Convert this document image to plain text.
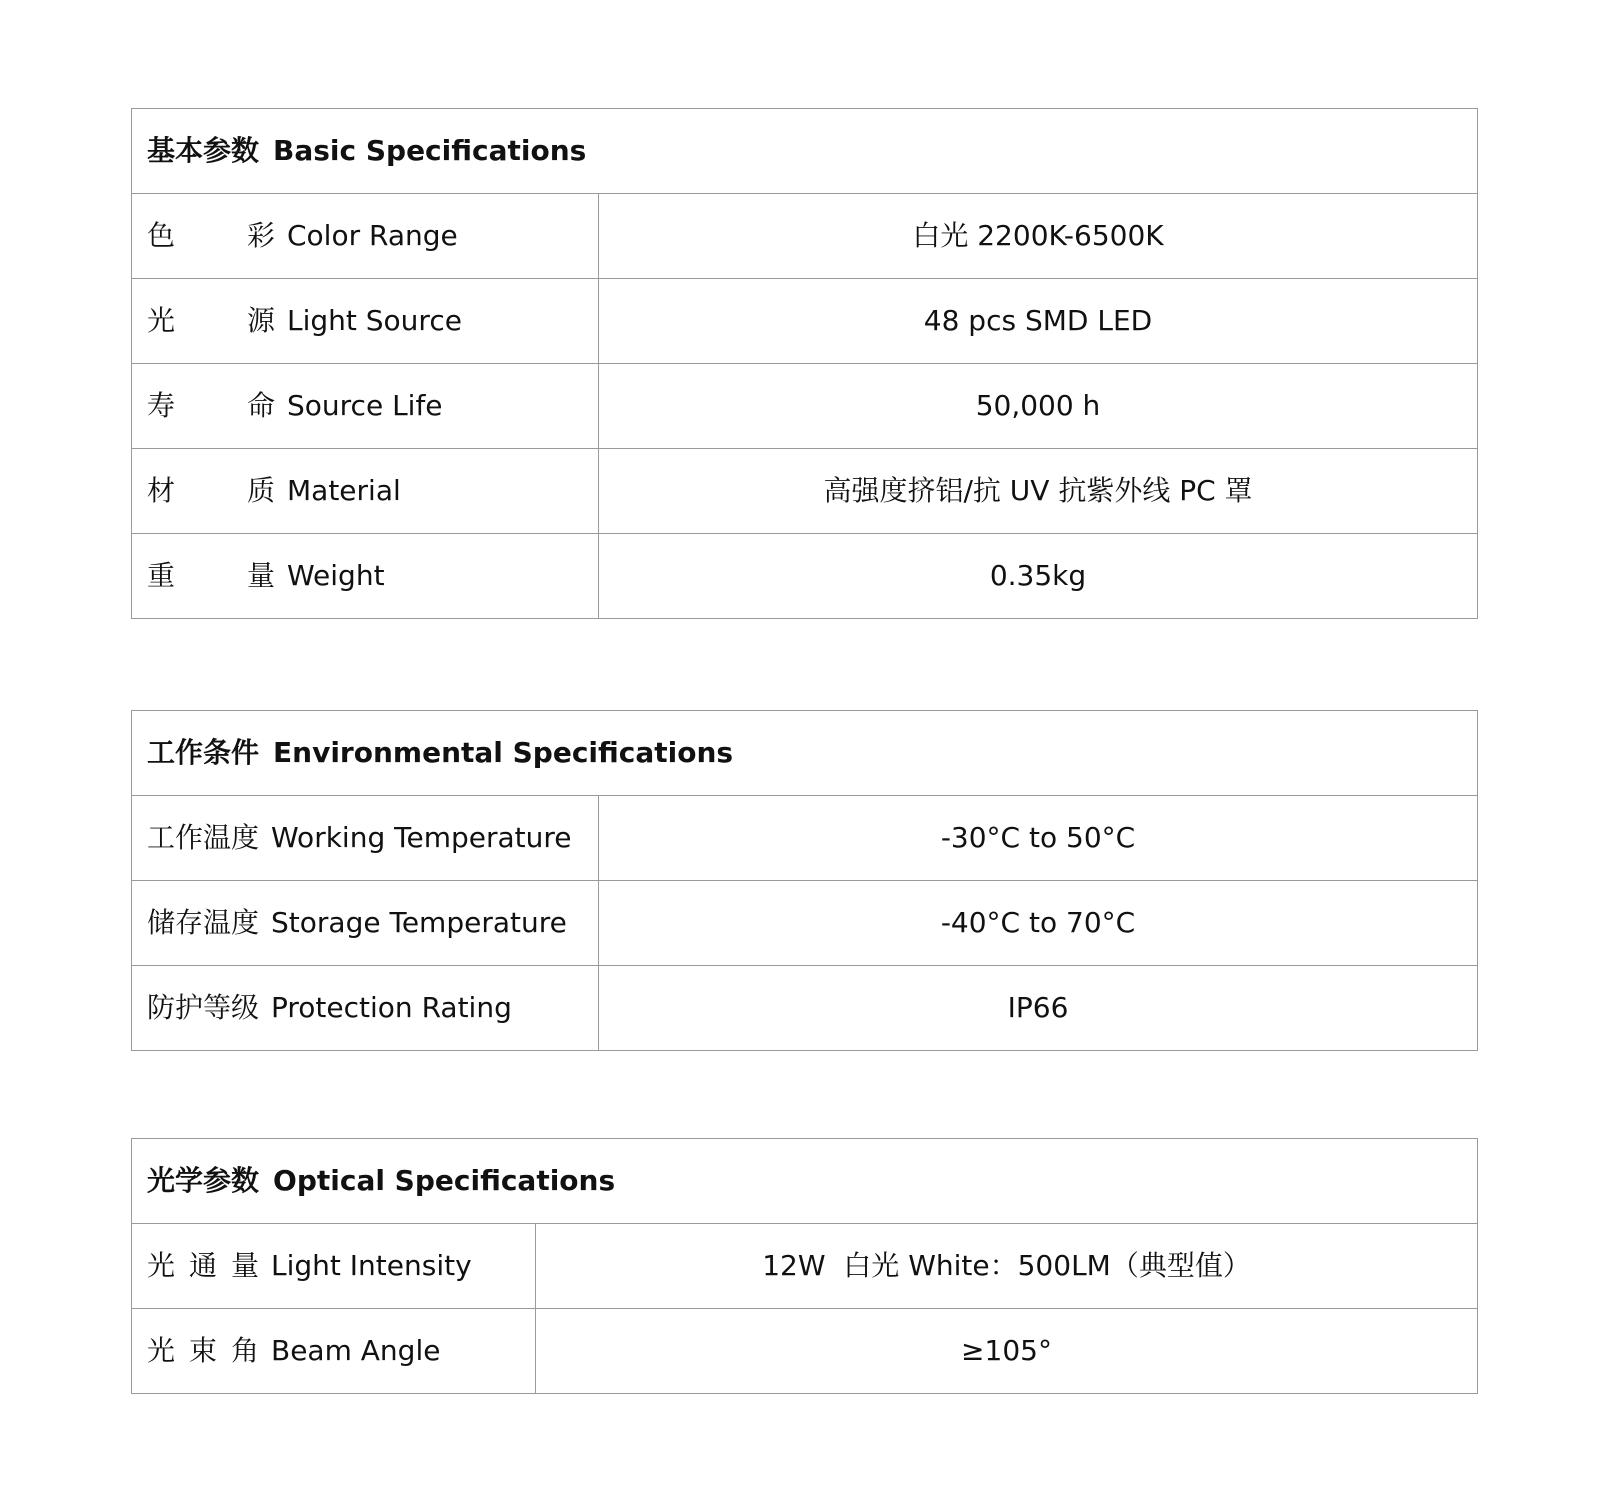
基本参数 Basic Specifications	
色彩 Color Range	白光 2200K-6500K
光源 Light Source	48 pcs SMD LED
寿命 Source Life	50,000 h
材质 Material	高强度挤铝/抗 UV 抗紫外线 PC 罩
重量 Weight	0.35kg
工作条件 Environmental Specifications	
工作温度 Working Temperature	-30°C to 50°C
储存温度 Storage Temperature	-40°C to 70°C
防护等级 Protection Rating	IP66
光学参数 Optical Specifications	
光通量 Light Intensity	12W  白光 White：500LM（典型值）
光束角 Beam Angle	≥105°
